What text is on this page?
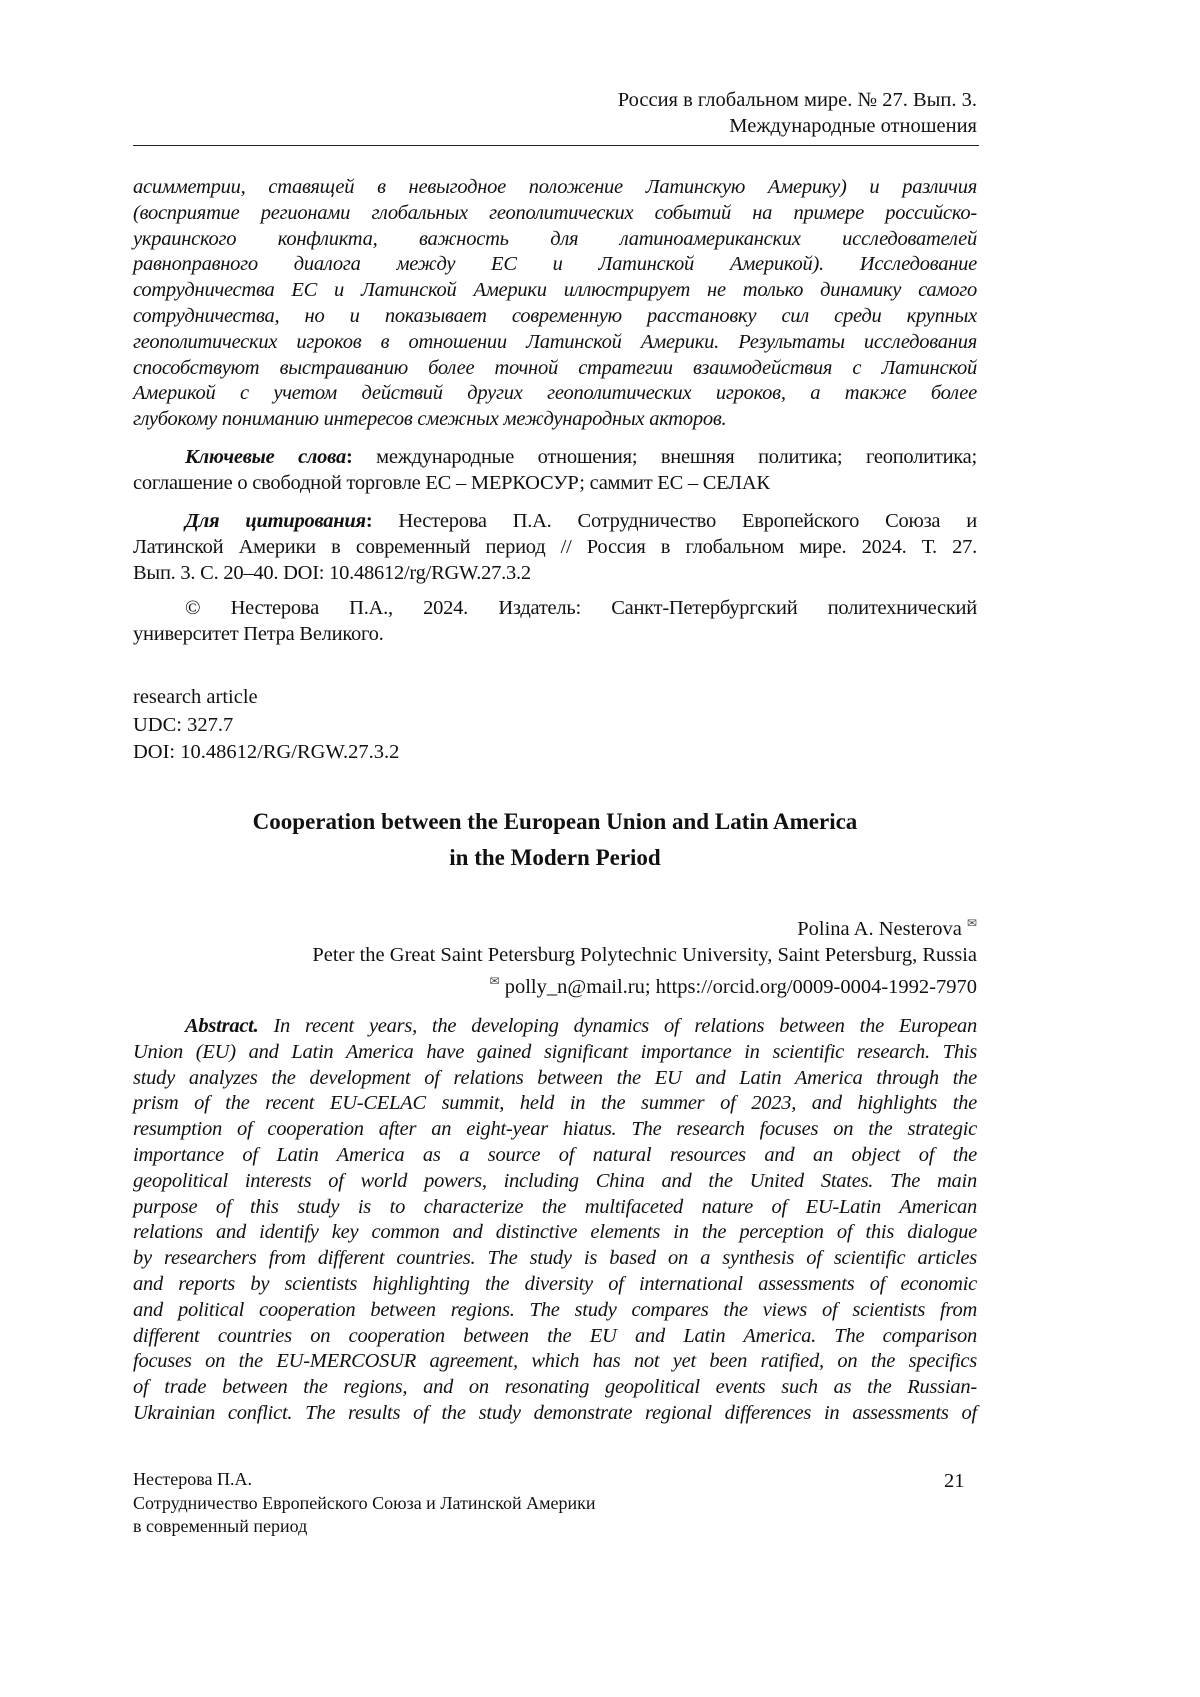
Россия в глобальном мире. № 27. Вып. 3.
Международные отношения
асимметрии, ставящей в невыгодное положение Латинскую Америку) и различия
(восприятие регионами глобальных геополитических событий на примере российско-
украинского конфликта, важность для латиноамериканских исследователей
равноправного диалога между ЕС и Латинской Америкой). Исследование
сотрудничества ЕС и Латинской Америки иллюстрирует не только динамику самого
сотрудничества, но и показывает современную расстановку сил среди крупных
геополитических игроков в отношении Латинской Америки. Результаты исследования
способствуют выстраиванию более точной стратегии взаимодействия с Латинской
Америкой с учетом действий других геополитических игроков, а также более
глубокому пониманию интересов смежных международных акторов.
Ключевые слова: международные отношения; внешняя политика; геополитика;
соглашение о свободной торговле ЕС – МЕРКОСУР; саммит ЕС – СЕЛАК
Для цитирования: Нестерова П.А. Сотрудничество Европейского Союза и
Латинской Америки в современный период // Россия в глобальном мире. 2024. Т. 27.
Вып. 3. С. 20–40. DOI: 10.48612/rg/RGW.27.3.2
© Нестерова П.А., 2024. Издатель: Санкт-Петербургский политехнический
университет Петра Великого.
research article
UDC: 327.7
DOI: 10.48612/RG/RGW.27.3.2
Cooperation between the European Union and Latin America
in the Modern Period
Polina A. Nesterova ✉
Peter the Great Saint Petersburg Polytechnic University, Saint Petersburg, Russia
✉ polly_n@mail.ru; https://orcid.org/0009-0004-1992-7970
Abstract. In recent years, the developing dynamics of relations between the European
Union (EU) and Latin America have gained significant importance in scientific research. This
study analyzes the development of relations between the EU and Latin America through the
prism of the recent EU-CELAC summit, held in the summer of 2023, and highlights the
resumption of cooperation after an eight-year hiatus. The research focuses on the strategic
importance of Latin America as a source of natural resources and an object of the
geopolitical interests of world powers, including China and the United States. The main
purpose of this study is to characterize the multifaceted nature of EU-Latin American
relations and identify key common and distinctive elements in the perception of this dialogue
by researchers from different countries. The study is based on a synthesis of scientific articles
and reports by scientists highlighting the diversity of international assessments of economic
and political cooperation between regions. The study compares the views of scientists from
different countries on cooperation between the EU and Latin America. The comparison
focuses on the EU-MERCOSUR agreement, which has not yet been ratified, on the specifics
of trade between the regions, and on resonating geopolitical events such as the Russian-
Ukrainian conflict. The results of the study demonstrate regional differences in assessments of
Нестерова П.А.
Сотрудничество Европейского Союза и Латинской Америки
в современный период
21
